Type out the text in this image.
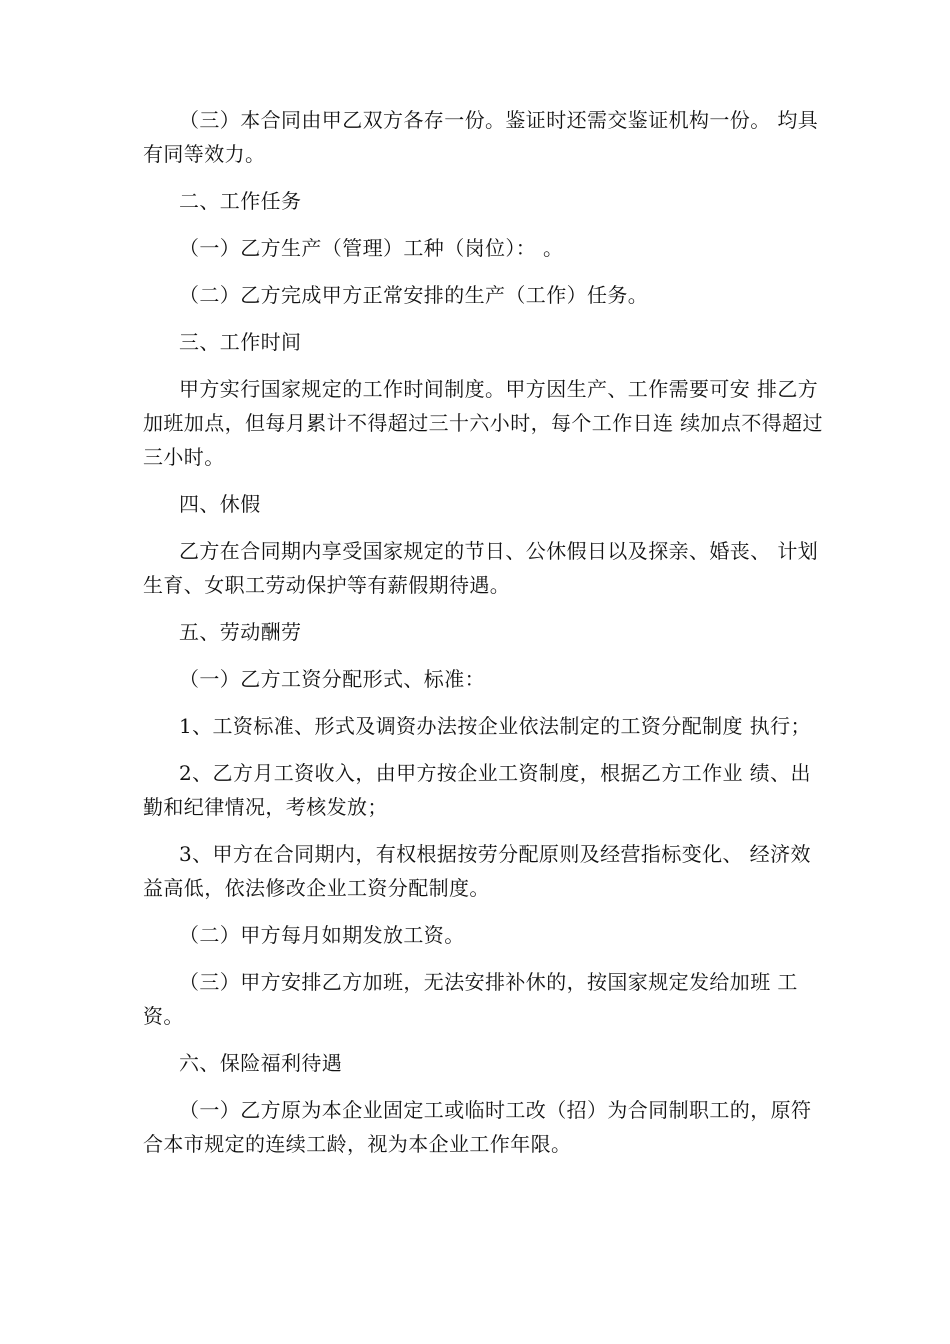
（三）本合同由甲乙双方各存一份。鉴证时还需交鉴证机构一份。 均具有同等效力。

二、工作任务

（一）乙方生产（管理）工种（岗位）： 。

（二）乙方完成甲方正常安排的生产（工作）任务。

三、工作时间

甲方实行国家规定的工作时间制度。甲方因生产、工作需要可安 排乙方加班加点，但每月累计不得超过三十六小时，每个工作日连 续加点不得超过三小时。

四、休假

乙方在合同期内享受国家规定的节日、公休假日以及探亲、婚丧、 计划生育、女职工劳动保护等有薪假期待遇。

五、劳动酬劳

（一）乙方工资分配形式、标准：

1、工资标准、形式及调资办法按企业依法制定的工资分配制度 执行；

2、乙方月工资收入，由甲方按企业工资制度，根据乙方工作业 绩、出勤和纪律情况，考核发放；

3、甲方在合同期内，有权根据按劳分配原则及经营指标变化、 经济效益高低，依法修改企业工资分配制度。

（二）甲方每月如期发放工资。

（三）甲方安排乙方加班，无法安排补休的，按国家规定发给加班 工资。

六、保险福利待遇

（一）乙方原为本企业固定工或临时工改（招）为合同制职工的，原符合本市规定的连续工龄，视为本企业工作年限。
